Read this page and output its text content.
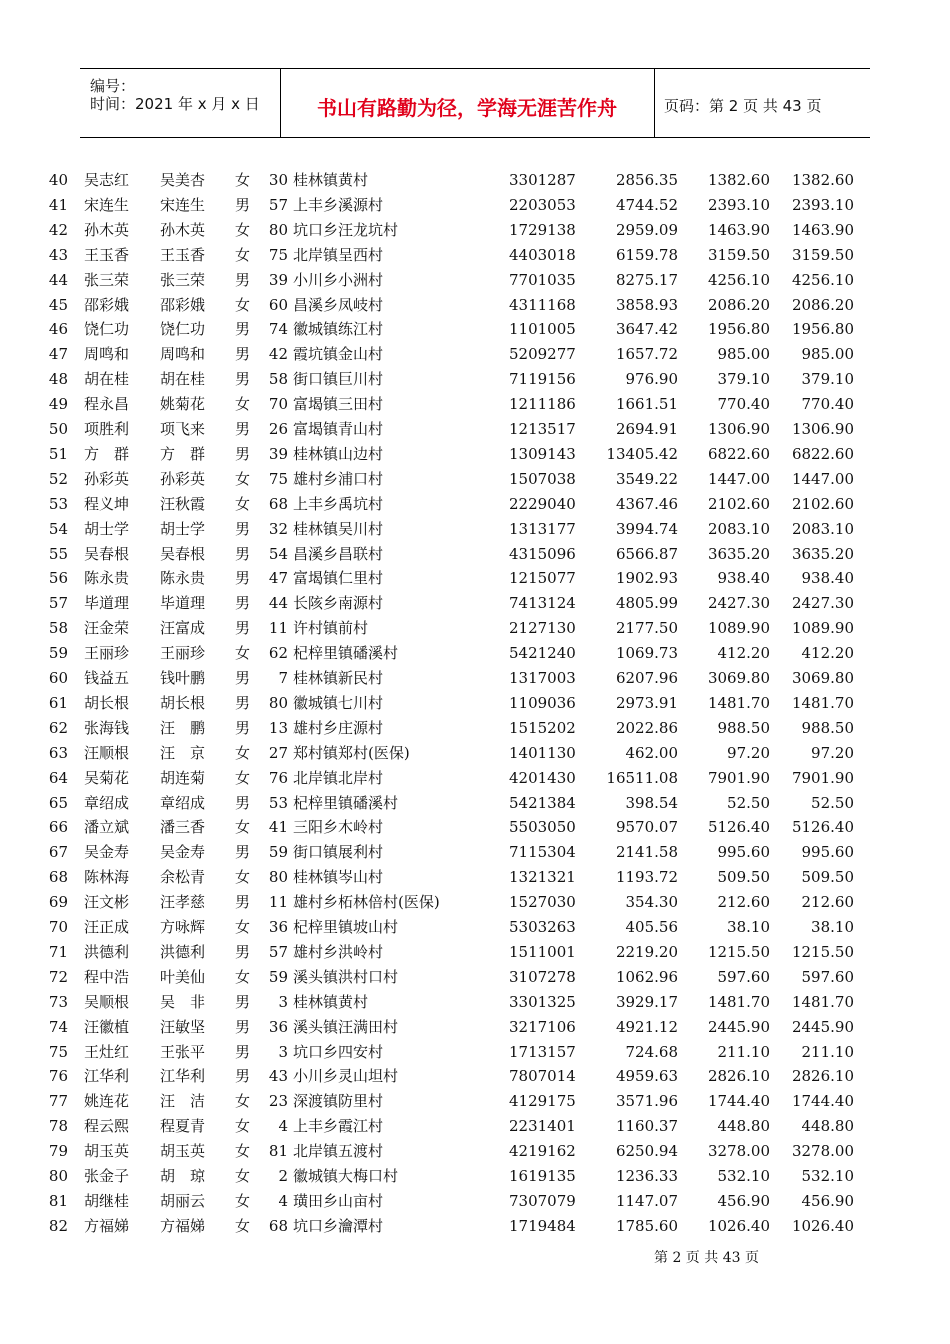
编号：
时间：2021 年 x 月 x 日	书山有路勤为径，学海无涯苦作舟	页码：第 2 页 共 43 页
40 吴志红 吴美杏 女 30 桂林镇黄村	3301287	2856.35	1382.60	1382.60
41 宋连生 宋连生 男 57 上丰乡溪源村	2203053	4744.52	2393.10	2393.10
42 孙木英 孙木英 女 80 坑口乡汪龙坑村	1729138	2959.09	1463.90	1463.90
43 王玉香 王玉香 女 75 北岸镇呈西村	4403018	6159.78	3159.50	3159.50
44 张三荣 张三荣 男 39 小川乡小洲村	7701035	8275.17	4256.10	4256.10
45 邵彩娥 邵彩娥 女 60 昌溪乡凤岐村	4311168	3858.93	2086.20	2086.20
46 饶仁功 饶仁功 男 74 徽城镇练江村	1101005	3647.42	1956.80	1956.80
47 周鸣和 周鸣和 男 42 霞坑镇金山村	5209277	1657.72	985.00	985.00
48 胡在桂 胡在桂 男 58 街口镇巨川村	7119156	976.90	379.10	379.10
49 程永昌 姚菊花 女 70 富堨镇三田村	1211186	1661.51	770.40	770.40
50 项胜利 项飞来 男 26 富堨镇青山村	1213517	2694.91	1306.90	1306.90
51 方　群 方　群 男 39 桂林镇山边村	1309143	13405.42	6822.60	6822.60
52 孙彩英 孙彩英 女 75 雄村乡浦口村	1507038	3549.22	1447.00	1447.00
53 程义坤 汪秋霞 女 68 上丰乡禹坑村	2229040	4367.46	2102.60	2102.60
54 胡士学 胡士学 男 32 桂林镇吴川村	1313177	3994.74	2083.10	2083.10
55 吴春根 吴春根 男 54 昌溪乡昌联村	4315096	6566.87	3635.20	3635.20
56 陈永贵 陈永贵 男 47 富堨镇仁里村	1215077	1902.93	938.40	938.40
57 毕道理 毕道理 男 44 长陔乡南源村	7413124	4805.99	2427.30	2427.30
58 汪金荣 汪富成 男 11 许村镇前村	2127130	2177.50	1089.90	1089.90
59 王丽珍 王丽珍 女 62 杞梓里镇磻溪村	5421240	1069.73	412.20	412.20
60 钱益五 钱叶鹏 男	7 桂林镇新民村	1317003	6207.96	3069.80	3069.80
61 胡长根 胡长根 男 80 徽城镇七川村	1109036	2973.91	1481.70	1481.70
62 张海钱 汪　鹏 男 13 雄村乡庄源村	1515202	2022.86	988.50	988.50
63 汪顺根 汪　京 女 27 郑村镇郑村(医保)	1401130	462.00	97.20	97.20
64 吴菊花 胡连菊 女 76 北岸镇北岸村	4201430	16511.08	7901.90	7901.90
65 章绍成 章绍成 男 53 杞梓里镇磻溪村	5421384	398.54	52.50	52.50
66 潘立斌 潘三香 女 41 三阳乡木岭村	5503050	9570.07	5126.40	5126.40
67 吴金寿 吴金寿 男 59 街口镇展利村	7115304	2141.58	995.60	995.60
68 陈林海 余松青 女 80 桂林镇岑山村	1321321	1193.72	509.50	509.50
69 汪文彬 汪孝慈 男 11 雄村乡柘林倍村(医保)	1527030	354.30	212.60	212.60
70 汪正成 方咏辉 女 36 杞梓里镇坡山村	5303263	405.56	38.10	38.10
71 洪德利 洪德利 男 57 雄村乡洪岭村	1511001	2219.20	1215.50	1215.50
72 程中浩 叶美仙 女 59 溪头镇洪村口村	3107278	1062.96	597.60	597.60
73 吴顺根 吴　非 男	3 桂林镇黄村	3301325	3929.17	1481.70	1481.70
74 汪徽植 汪敏坚 男 36 溪头镇汪满田村	3217106	4921.12	2445.90	2445.90
75 王灶红 王张平 男	3 坑口乡四安村	1713157	724.68	211.10	211.10
76 江华利 江华利 男 43 小川乡灵山坦村	7807014	4959.63	2826.10	2826.10
77 姚连花 汪　洁 女 23 深渡镇防里村	4129175	3571.96	1744.40	1744.40
78 程云熙 程夏青 女	4 上丰乡霞江村	2231401	1160.37	448.80	448.80
79 胡玉英 胡玉英 女 81 北岸镇五渡村	4219162	6250.94	3278.00	3278.00
80 张金子 胡　琼 女	2 徽城镇大梅口村	1619135	1236.33	532.10	532.10
81 胡继桂 胡丽云 女	4 璜田乡山亩村	7307079	1147.07	456.90	456.90
82 方福娣 方福娣 女 68 坑口乡瀹潭村	1719484	1785.60	1026.40	1026.40
第 2 页 共 43 页
